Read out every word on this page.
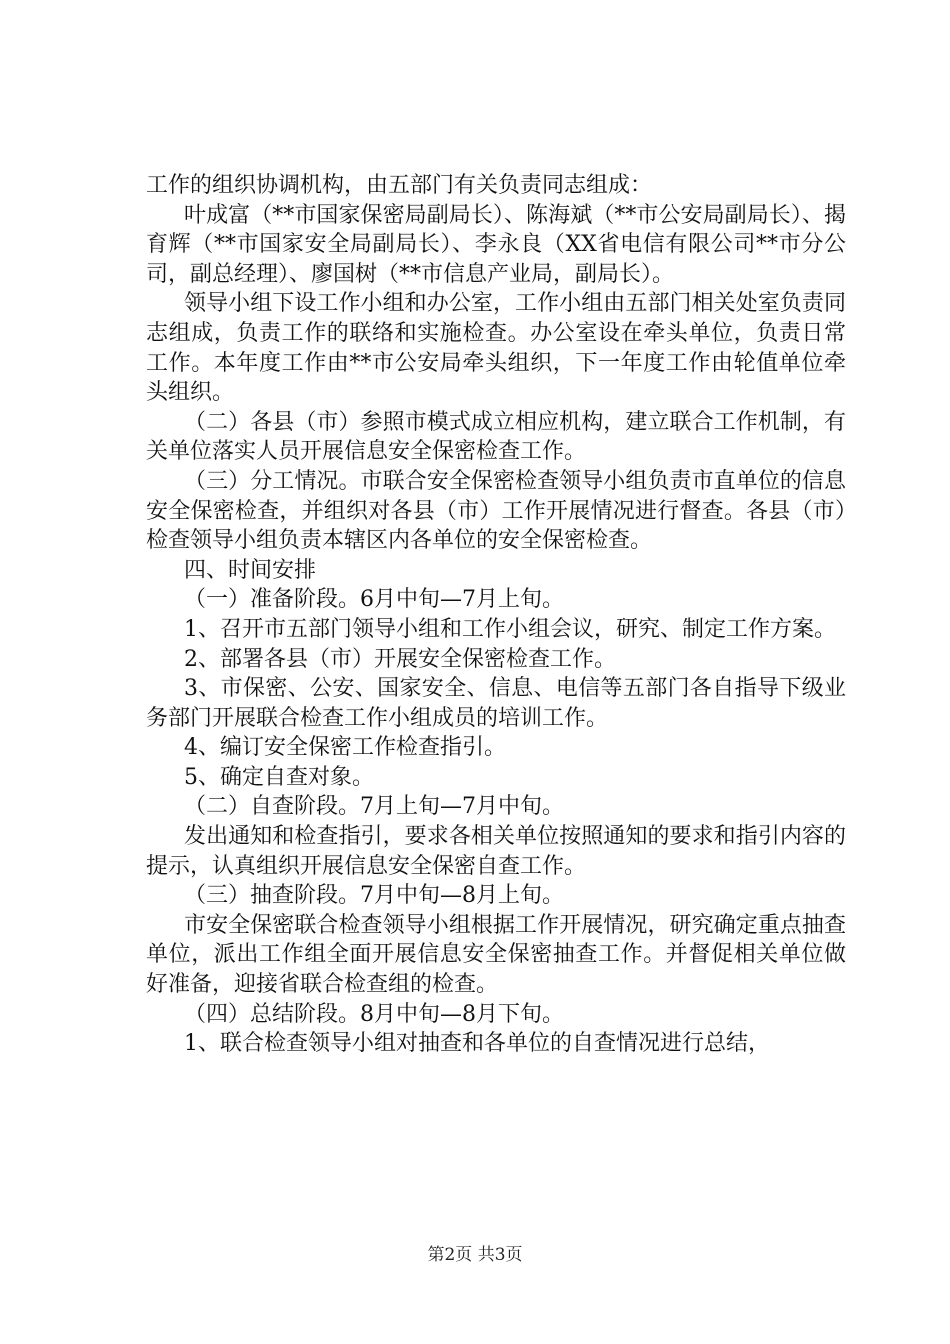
工作的组织协调机构，由五部门有关负责同志组成：

叶成富（**市国家保密局副局长）、陈海斌（**市公安局副局长）、揭育辉（**市国家安全局副局长）、李永良（XX省电信有限公司**市分公司，副总经理）、廖国树（**市信息产业局，副局长）。

领导小组下设工作小组和办公室，工作小组由五部门相关处室负责同志组成，负责工作的联络和实施检查。办公室设在牵头单位，负责日常工作。本年度工作由**市公安局牵头组织，下一年度工作由轮值单位牵头组织。

（二）各县（市）参照市模式成立相应机构，建立联合工作机制，有关单位落实人员开展信息安全保密检查工作。

（三）分工情况。市联合安全保密检查领导小组负责市直单位的信息安全保密检查，并组织对各县（市）工作开展情况进行督查。各县（市）检查领导小组负责本辖区内各单位的安全保密检查。

四、时间安排

（一）准备阶段。6月中旬—7月上旬。

1、召开市五部门领导小组和工作小组会议，研究、制定工作方案。

2、部署各县（市）开展安全保密检查工作。

3、市保密、公安、国家安全、信息、电信等五部门各自指导下级业务部门开展联合检查工作小组成员的培训工作。

4、编订安全保密工作检查指引。

5、确定自查对象。

（二）自查阶段。7月上旬—7月中旬。

发出通知和检查指引，要求各相关单位按照通知的要求和指引内容的提示，认真组织开展信息安全保密自查工作。

（三）抽查阶段。7月中旬—8月上旬。

市安全保密联合检查领导小组根据工作开展情况，研究确定重点抽查单位，派出工作组全面开展信息安全保密抽查工作。并督促相关单位做好准备，迎接省联合检查组的检查。

（四）总结阶段。8月中旬—8月下旬。

1、联合检查领导小组对抽查和各单位的自查情况进行总结，

第2页 共3页
